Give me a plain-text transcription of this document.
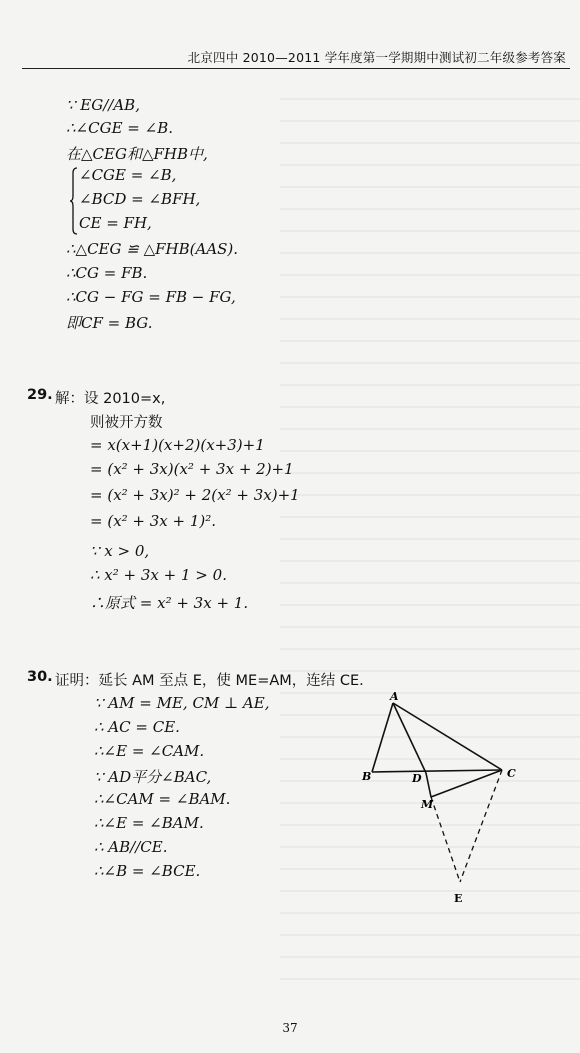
北京四中 2010—2011 学年度第一学期期中测试初二年级参考答案
∵ EG//AB,
∴∠CGE = ∠B.
在△CEG和△FHB中,
∠CGE = ∠B,
∠BCD = ∠BFH,
CE = FH,
∴△CEG ≌ △FHB(AAS).
∴CG = FB.
∴CG − FG = FB − FG,
即CF = BG.
29. 解：设 2010=x,
则被开方数
= x(x+1)(x+2)(x+3)+1
= (x² + 3x)(x² + 3x + 2)+1
= (x² + 3x)² + 2(x² + 3x)+1
= (x² + 3x + 1)².
∵ x > 0,
∴ x² + 3x + 1 > 0.
∴原式 = x² + 3x + 1.
30. 证明：延长 AM 至点 E，使 ME=AM，连结 CE.
∵ AM = ME, CM ⊥ AE,
∴ AC = CE.
∴∠E = ∠CAM.
∵ AD平分∠BAC,
∴∠CAM = ∠BAM.
∴∠E = ∠BAM.
∴ AB//CE.
∴∠B = ∠BCE.
A
B	C
D
M
E
37
